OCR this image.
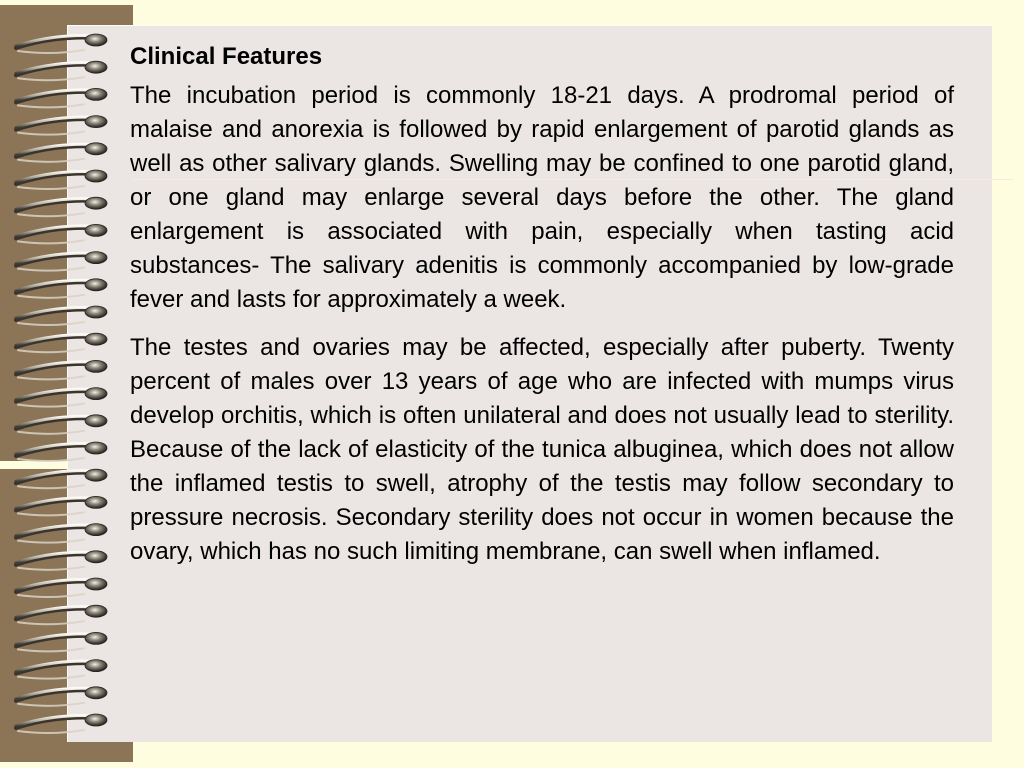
Clinical Features

The incubation period is commonly 18-21 days. A prodromal period of malaise and anorexia is followed by rapid enlargement of parotid glands as well as other salivary glands. Swelling may be confined to one parotid gland, or one gland may enlarge several days before the other. The gland enlargement is associated with pain, especially when tasting acid substances- The salivary adenitis is commonly accompanied by low-grade fever and lasts for approximately a week.

The testes and ovaries may be affected, especially after puberty. Twenty percent of males over 13 years of age who are infected with mumps virus develop orchitis, which is often unilateral and does not usually lead to sterility. Because of the lack of elasticity of the tunica albuginea, which does not allow the inflamed testis to swell, atrophy of the testis may follow secondary to pressure necrosis. Secondary sterility does not occur in women because the ovary, which has no such limiting membrane, can swell when inflamed.
